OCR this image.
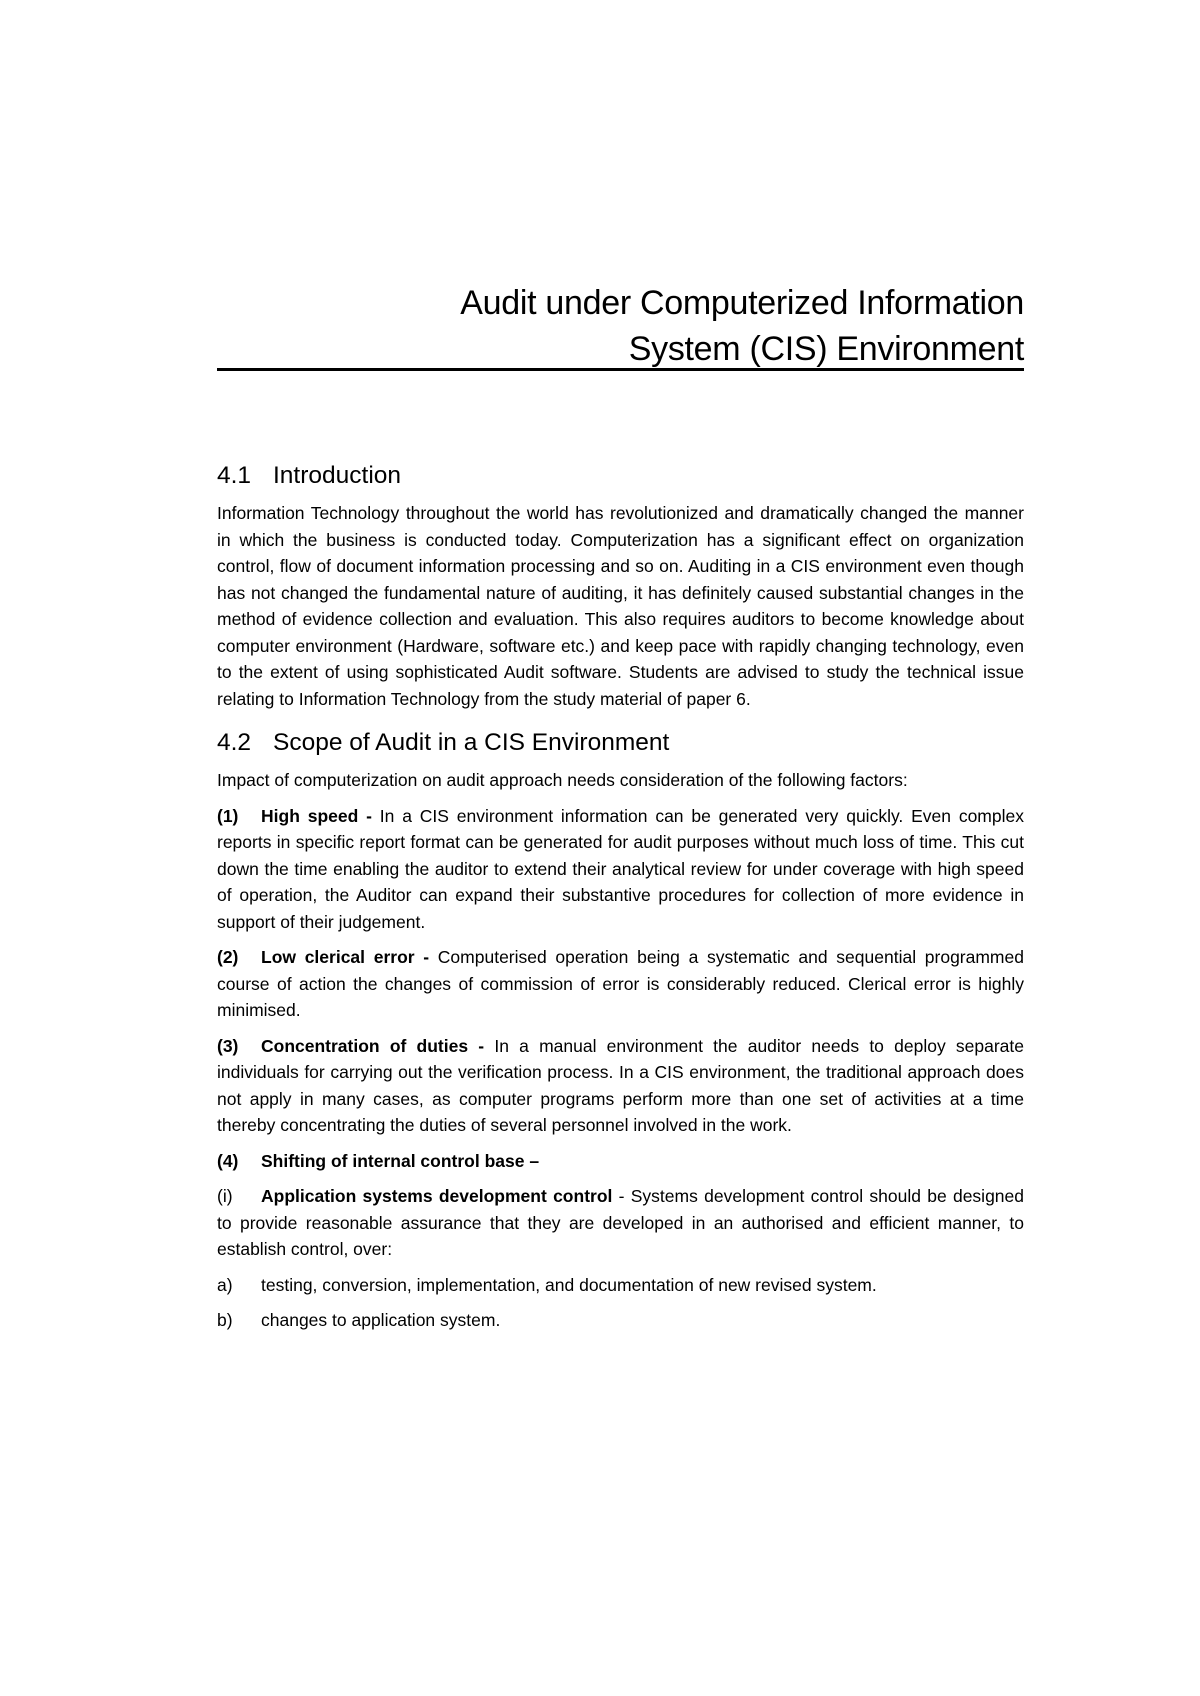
Audit under Computerized Information
System (CIS) Environment
4.1 Introduction

Information Technology throughout the world has revolutionized and dramatically changed the manner in which the business is conducted today. Computerization has a significant effect on organization control, flow of document information processing and so on. Auditing in a CIS environment even though has not changed the fundamental nature of auditing, it has definitely caused substantial changes in the method of evidence collection and evaluation. This also requires auditors to become knowledge about computer environment (Hardware, software etc.) and keep pace with rapidly changing technology, even to the extent of using sophisticated Audit software. Students are advised to study the technical issue relating to Information Technology from the study material of paper 6.

4.2 Scope of Audit in a CIS Environment

Impact of computerization on audit approach needs consideration of the following factors:

(1) High speed - In a CIS environment information can be generated very quickly. Even complex reports in specific report format can be generated for audit purposes without much loss of time. This cut down the time enabling the auditor to extend their analytical review for under coverage with high speed of operation, the Auditor can expand their substantive procedures for collection of more evidence in support of their judgement.

(2) Low clerical error - Computerised operation being a systematic and sequential programmed course of action the changes of commission of error is considerably reduced. Clerical error is highly minimised.

(3) Concentration of duties - In a manual environment the auditor needs to deploy separate individuals for carrying out the verification process. In a CIS environment, the traditional approach does not apply in many cases, as computer programs perform more than one set of activities at a time thereby concentrating the duties of several personnel involved in the work.

(4) Shifting of internal control base –

(i) Application systems development control - Systems development control should be designed to provide reasonable assurance that they are developed in an authorised and efficient manner, to establish control, over:

a)	testing, conversion, implementation, and documentation of new revised system.
b)	changes to application system.
